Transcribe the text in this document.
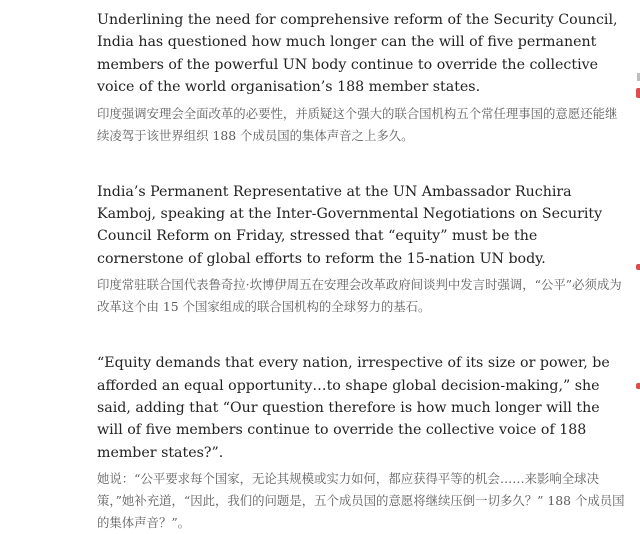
Underlining the need for comprehensive reform of the Security Council, India has questioned how much longer can the will of five permanent members of the powerful UN body continue to override the collective voice of the world organisation’s 188 member states.

印度强调安理会全面改革的必要性，并质疑这个强大的联合国机构五个常任理事国的意愿还能继续凌驾于该世界组织 188 个成员国的集体声音之上多久。

India’s Permanent Representative at the UN Ambassador Ruchira Kamboj, speaking at the Inter-Governmental Negotiations on Security Council Reform on Friday, stressed that “equity” must be the cornerstone of global efforts to reform the 15-nation UN body.

印度常驻联合国代表鲁奇拉·坎博伊周五在安理会改革政府间谈判中发言时强调，“公平”必须成为改革这个由 15 个国家组成的联合国机构的全球努力的基石。

“Equity demands that every nation, irrespective of its size or power, be afforded an equal opportunity…to shape global decision-making,” she said, adding that “Our question therefore is how much longer will the will of five members continue to override the collective voice of 188 member states?”.

她说：“公平要求每个国家，无论其规模或实力如何，都应获得平等的机会……来影响全球决策，”她补充道，“因此，我们的问题是，五个成员国的意愿将继续压倒一切多久？” 188 个成员国的集体声音？”。
